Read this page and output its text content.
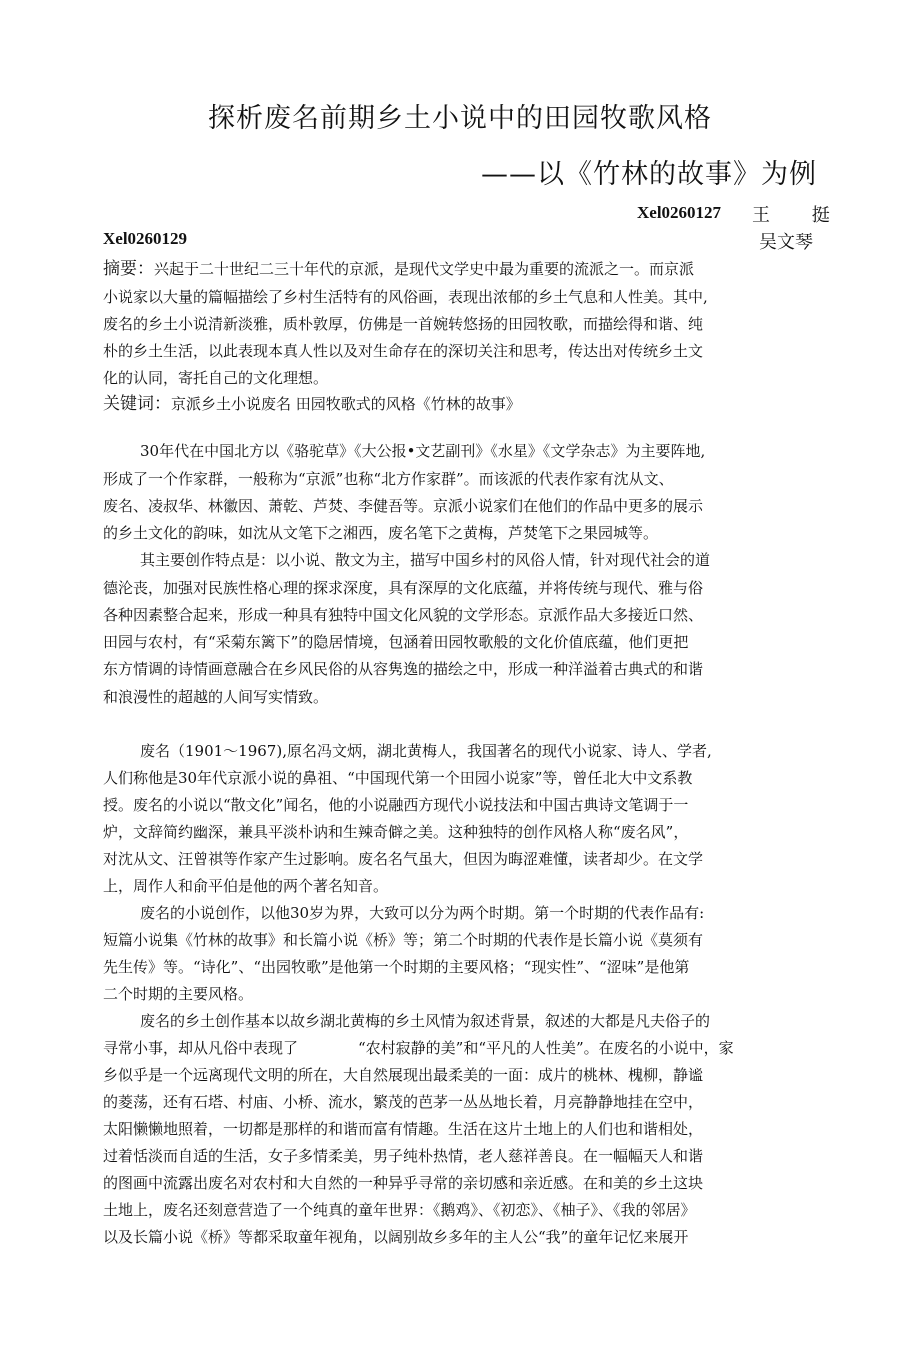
探析废名前期乡土小说中的田园牧歌风格
——以《竹林的故事》为例
Xel0260127 王 挺
Xel0260129	吴文琴
摘要：兴起于二十世纪二三十年代的京派，是现代文学史中最为重要的流派之一。而京派
小说家以大量的篇幅描绘了乡村生活特有的风俗画，表现出浓郁的乡土气息和人性美。其中,
废名的乡土小说清新淡雅，质朴敦厚，仿佛是一首婉转悠扬的田园牧歌，而描绘得和谐、纯
朴的乡土生活，以此表现本真人性以及对生命存在的深切关注和思考，传达出对传统乡土文
化的认同，寄托自己的文化理想。
关键词：京派乡土小说废名 田园牧歌式的风格《竹林的故事》
30年代在中国北方以《骆驼草》《大公报•文艺副刊》《水星》《文学杂志》为主要阵地,
形成了一个作家群，一般称为“京派”也称“北方作家群”。而该派的代表作家有沈从文、
废名、凌叔华、林徽因、萧乾、芦焚、李健吾等。京派小说家们在他们的作品中更多的展示
的乡土文化的韵味，如沈从文笔下之湘西，废名笔下之黄梅，芦焚笔下之果园城等。
其主要创作特点是：以小说、散文为主，描写中国乡村的风俗人情，针对现代社会的道
德沦丧，加强对民族性格心理的探求深度，具有深厚的文化底蕴，并将传统与现代、雅与俗
各种因素整合起来，形成一种具有独特中国文化风貌的文学形态。京派作品大多接近口然、
田园与农村，有“采菊东篱下”的隐居情境，包涵着田园牧歌般的文化价值底蕴，他们更把
东方情调的诗情画意融合在乡风民俗的从容隽逸的描绘之中，形成一种洋溢着古典式的和谐
和浪漫性的超越的人间写实情致。
废名（1901～1967),原名冯文炳，湖北黄梅人，我国著名的现代小说家、诗人、学者,
人们称他是30年代京派小说的鼻祖、“中国现代第一个田园小说家”等，曾任北大中文系教
授。废名的小说以“散文化”闻名，他的小说融西方现代小说技法和中国古典诗文笔调于一
炉，文辞简约幽深，兼具平淡朴讷和生辣奇僻之美。这种独特的创作风格人称“废名风”，
对沈从文、汪曾祺等作家产生过影响。废名名气虽大，但因为晦涩难懂，读者却少。在文学
上，周作人和俞平伯是他的两个著名知音。
废名的小说创作，以他30岁为界，大致可以分为两个时期。第一个时期的代表作品有:
短篇小说集《竹林的故事》和长篇小说《桥》等；第二个时期的代表作是长篇小说《莫须有
先生传》等。“诗化”、“出园牧歌”是他第一个时期的主要风格；“现实性”、“涩味”是他第
二个时期的主要风格。
废名的乡土创作基本以故乡湖北黄梅的乡土风情为叙述背景，叙述的大都是凡夫俗子的
寻常小事，却从凡俗中表现了　　　　“农村寂静的美”和“平凡的人性美”。在废名的小说中，家
乡似乎是一个远离现代文明的所在，大自然展现出最柔美的一面：成片的桃林、槐柳，静谧
的菱荡，还有石塔、村庙、小桥、流水，繁茂的芭茅一丛丛地长着，月亮静静地挂在空中，
太阳懒懒地照着，一切都是那样的和谐而富有情趣。生活在这片土地上的人们也和谐相处，
过着恬淡而自适的生活，女子多情柔美，男子纯朴热情，老人慈祥善良。在一幅幅天人和谐
的图画中流露出废名对农村和大自然的一种异乎寻常的亲切感和亲近感。在和美的乡土这块
土地上，废名还刻意营造了一个纯真的童年世界：《鹅鸡》、《初恋》、《柚子》、《我的邻居》
以及长篇小说《桥》等都采取童年视角，以阔别故乡多年的主人公“我”的童年记忆来展开
